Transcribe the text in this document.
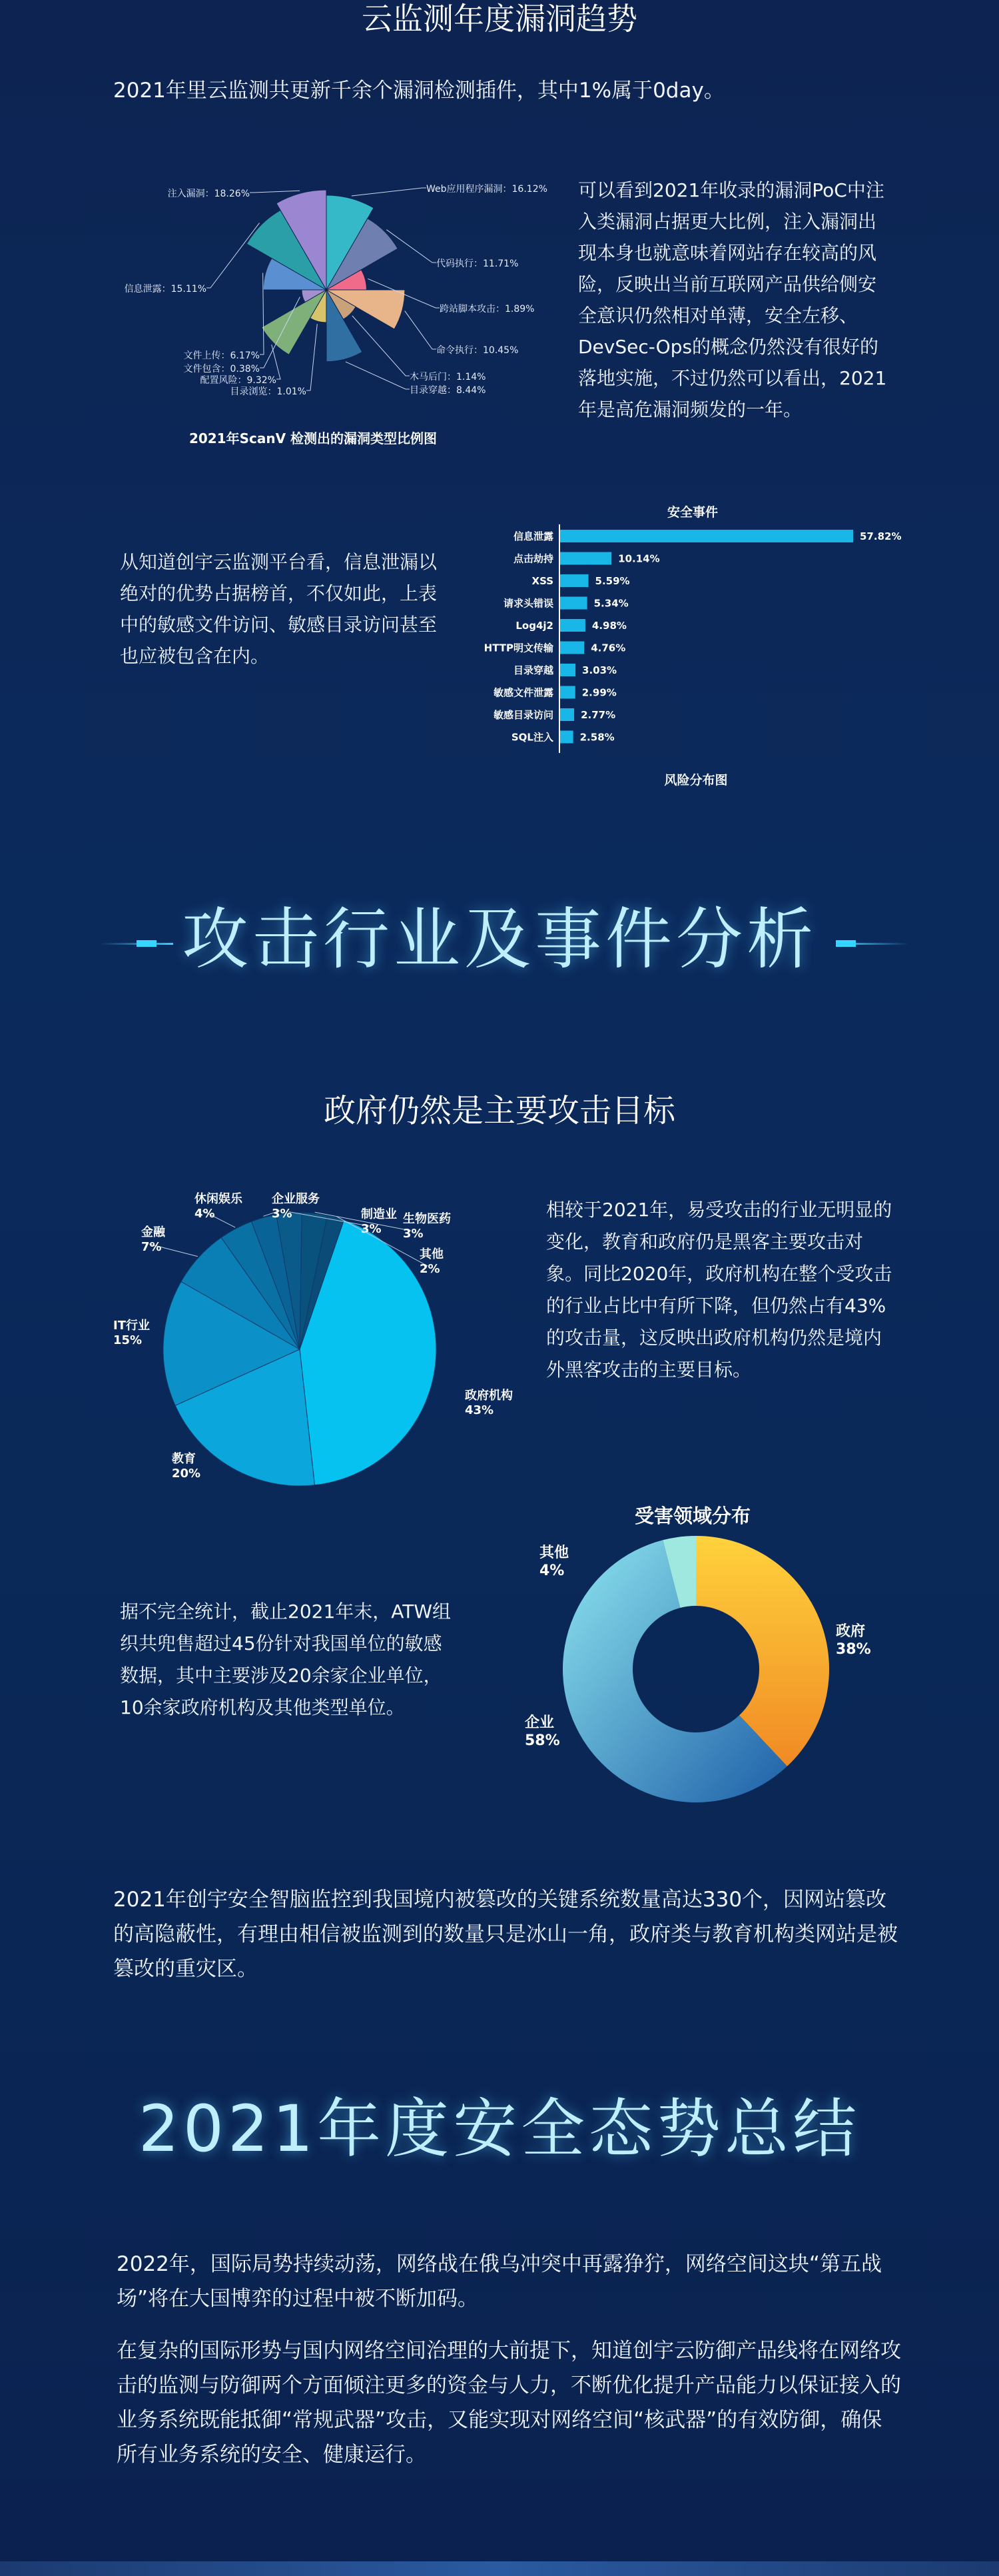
云监测年度漏洞趋势
2021年里云监测共更新千余个漏洞检测插件，其中1%属于0day。
Web应用程序漏洞：16.12%
代码执行：11.71%
跨站脚本攻击：1.89%
命令执行：10.45%
木马后门：1.14%
目录穿越：8.44%
目录浏览：1.01%
配置风险：9.32%
文件包含：0.38%
文件上传：6.17%
信息泄露：15.11%
注入漏洞：18.26%
2021年ScanV 检测出的漏洞类型比例图
可以看到2021年收录的漏洞PoC中注入类漏洞占据更大比例，注入漏洞出现本身也就意味着网站存在较高的风险，反映出当前互联网产品供给侧安全意识仍然相对单薄，安全左移、DevSec-Ops的概念仍然没有很好的落地实施，不过仍然可以看出，2021年是高危漏洞频发的一年。
从知道创宇云监测平台看，信息泄漏以绝对的优势占据榜首，不仅如此，上表中的敏感文件访问、敏感目录访问甚至也应被包含在内。
安全事件
信息泄露	57.82%
点击劫持	10.14%
XSS	5.59%
请求头错误	5.34%
Log4j2	4.98%
HTTP明文传输	4.76%
目录穿越	3.03%
敏感文件泄露	2.99%
敏感目录访问	2.77%
SQL注入	2.58%
风险分布图
攻击行业及事件分析
政府仍然是主要攻击目标
政府机构
43%
教育
20%
IT行业
15%
金融
7%
休闲娱乐
4%
企业服务
3%	制造业
3%
生物医药
3%
其他
2%
相较于2021年，易受攻击的行业无明显的变化，教育和政府仍是黑客主要攻击对象。同比2020年，政府机构在整个受攻击的行业占比中有所下降，但仍然占有43%的攻击量，这反映出政府机构仍然是境内外黑客攻击的主要目标。
受害领域分布
政府
38%
企业
58%
其他
4%
据不完全统计，截止2021年末，ATW组织共兜售超过45份针对我国单位的敏感数据，其中主要涉及20余家企业单位，10余家政府机构及其他类型单位。
2021年创宇安全智脑监控到我国境内被篡改的关键系统数量高达330个，因网站篡改的高隐蔽性，有理由相信被监测到的数量只是冰山一角，政府类与教育机构类网站是被篡改的重灾区。
2021年度安全态势总结
2022年，国际局势持续动荡，网络战在俄乌冲突中再露狰狞，网络空间这块“第五战场”将在大国博弈的过程中被不断加码。
在复杂的国际形势与国内网络空间治理的大前提下，知道创宇云防御产品线将在网络攻击的监测与防御两个方面倾注更多的资金与人力，不断优化提升产品能力以保证接入的业务系统既能抵御“常规武器”攻击，又能实现对网络空间“核武器”的有效防御，确保所有业务系统的安全、健康运行。
